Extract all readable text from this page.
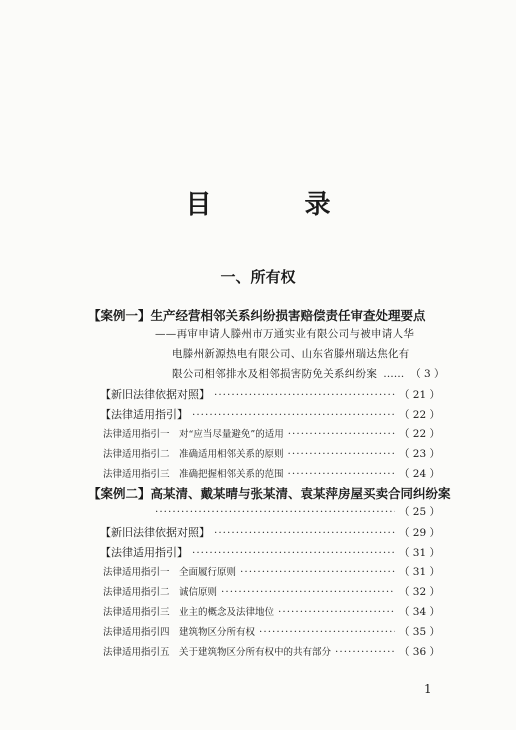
目 录
一、所有权
【案例一】生产经营相邻关系纠纷损害赔偿责任审查处理要点
——再审申请人滕州市万通实业有限公司与被申请人华
电滕州新源热电有限公司、山东省滕州瑞达焦化有
限公司相邻排水及相邻损害防免关系纠纷案 …… （ 3 ）
【新旧法律依据对照】 ·····	（ 21 ）
【法律适用指引】 ·····	（ 22 ）
法律适用指引一 对“应当尽量避免”的适用 ·····	（ 22 ）
法律适用指引二 准确适用相邻关系的原则 ·····	（ 23 ）
法律适用指引三 准确把握相邻关系的范围 ·····	（ 24 ）
【案例二】高某清、戴某晴与张某清、袁某萍房屋买卖合同纠纷案
·····
（ 25 ）
【新旧法律依据对照】 ·····	（ 29 ）
【法律适用指引】 ·····	（ 31 ）
法律适用指引一 全面履行原则 ·····	（ 31 ）
法律适用指引二 诚信原则 ·····	（ 32 ）
法律适用指引三 业主的概念及法律地位 ·····	（ 34 ）
法律适用指引四 建筑物区分所有权 ·····	（ 35 ）
法律适用指引五 关于建筑物区分所有权中的共有部分 ·····	（ 36 ）
1
